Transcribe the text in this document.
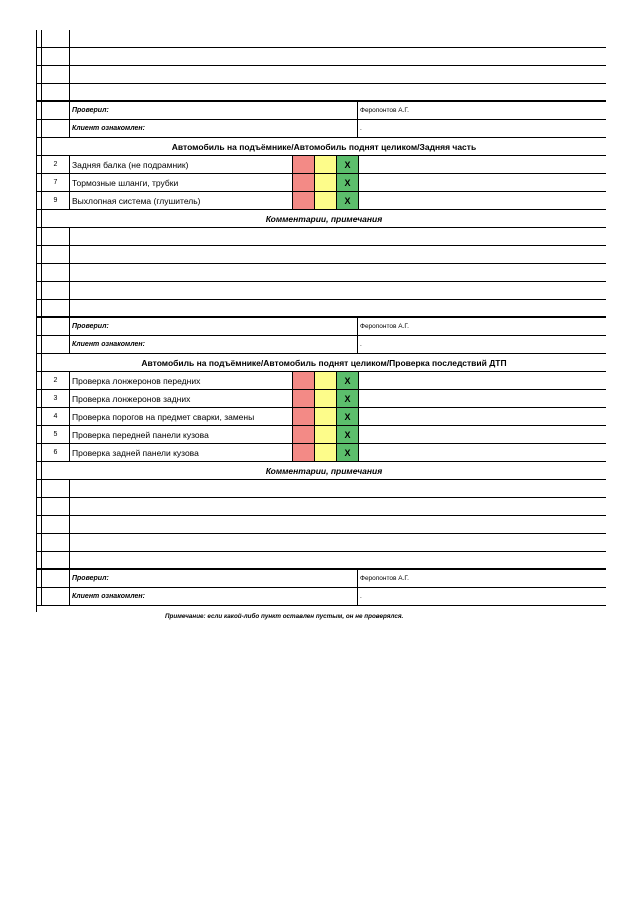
Проверил:	Феропонтов А.Г.
Клиент ознакомлен:	.
Автомобиль на подъёмнике/Автомобиль поднят целиком/Задняя часть
2	Задняя балка (не подрамник)	X
7	Тормозные шланги, трубки	X
9	Выхлопная система (глушитель)	X
Комментарии, примечания
Проверил:	Феропонтов А.Г.
Клиент ознакомлен:	.
Автомобиль на подъёмнике/Автомобиль поднят целиком/Проверка последствий ДТП
2	Проверка лонжеронов передних	X
3	Проверка лонжеронов задних	X
4	Проверка порогов на предмет сварки, замены	X
5	Проверка передней панели кузова	X
6	Проверка задней панели кузова	X
Комментарии, примечания
Проверил:	Феропонтов А.Г.
Клиент ознакомлен:	.
Примечание: если какой-либо пункт оставлен пустым, он не проверялся.
